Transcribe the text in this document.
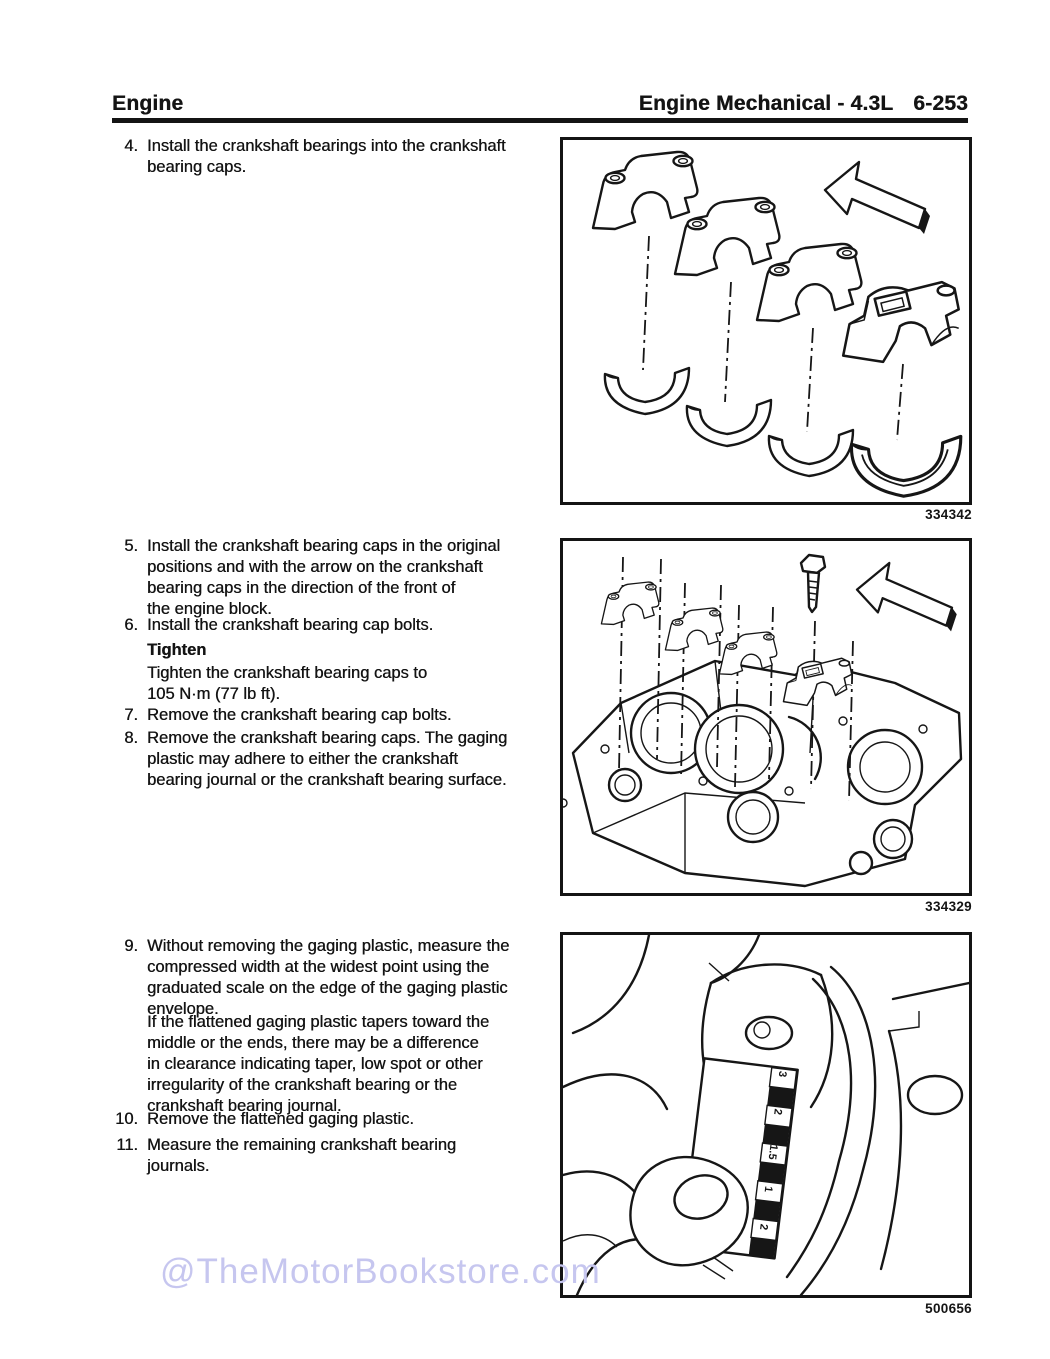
Engine	Engine Mechanical - 4.3L 6-253
4. Install the crankshaft bearings into the crankshaft
bearing caps.
5. Install the crankshaft bearing caps in the original
positions and with the arrow on the crankshaft
bearing caps in the direction of the front of
the engine block.
6. Install the crankshaft bearing cap bolts.
Tighten
Tighten the crankshaft bearing caps to
105 N·m (77 lb ft).
7. Remove the crankshaft bearing cap bolts.
8. Remove the crankshaft bearing caps. The gaging
plastic may adhere to either the crankshaft
bearing journal or the crankshaft bearing surface.
9. Without removing the gaging plastic, measure the
compressed width at the widest point using the
graduated scale on the edge of the gaging plastic
envelope.
If the flattened gaging plastic tapers toward the
middle or the ends, there may be a difference
in clearance indicating taper, low spot or other
irregularity of the crankshaft bearing or the
crankshaft bearing journal.
10. Remove the flattened gaging plastic.
11. Measure the remaining crankshaft bearing
journals.
334342
334329
3
2
1.5
1
2
500656
@TheMotorBookstore.com
